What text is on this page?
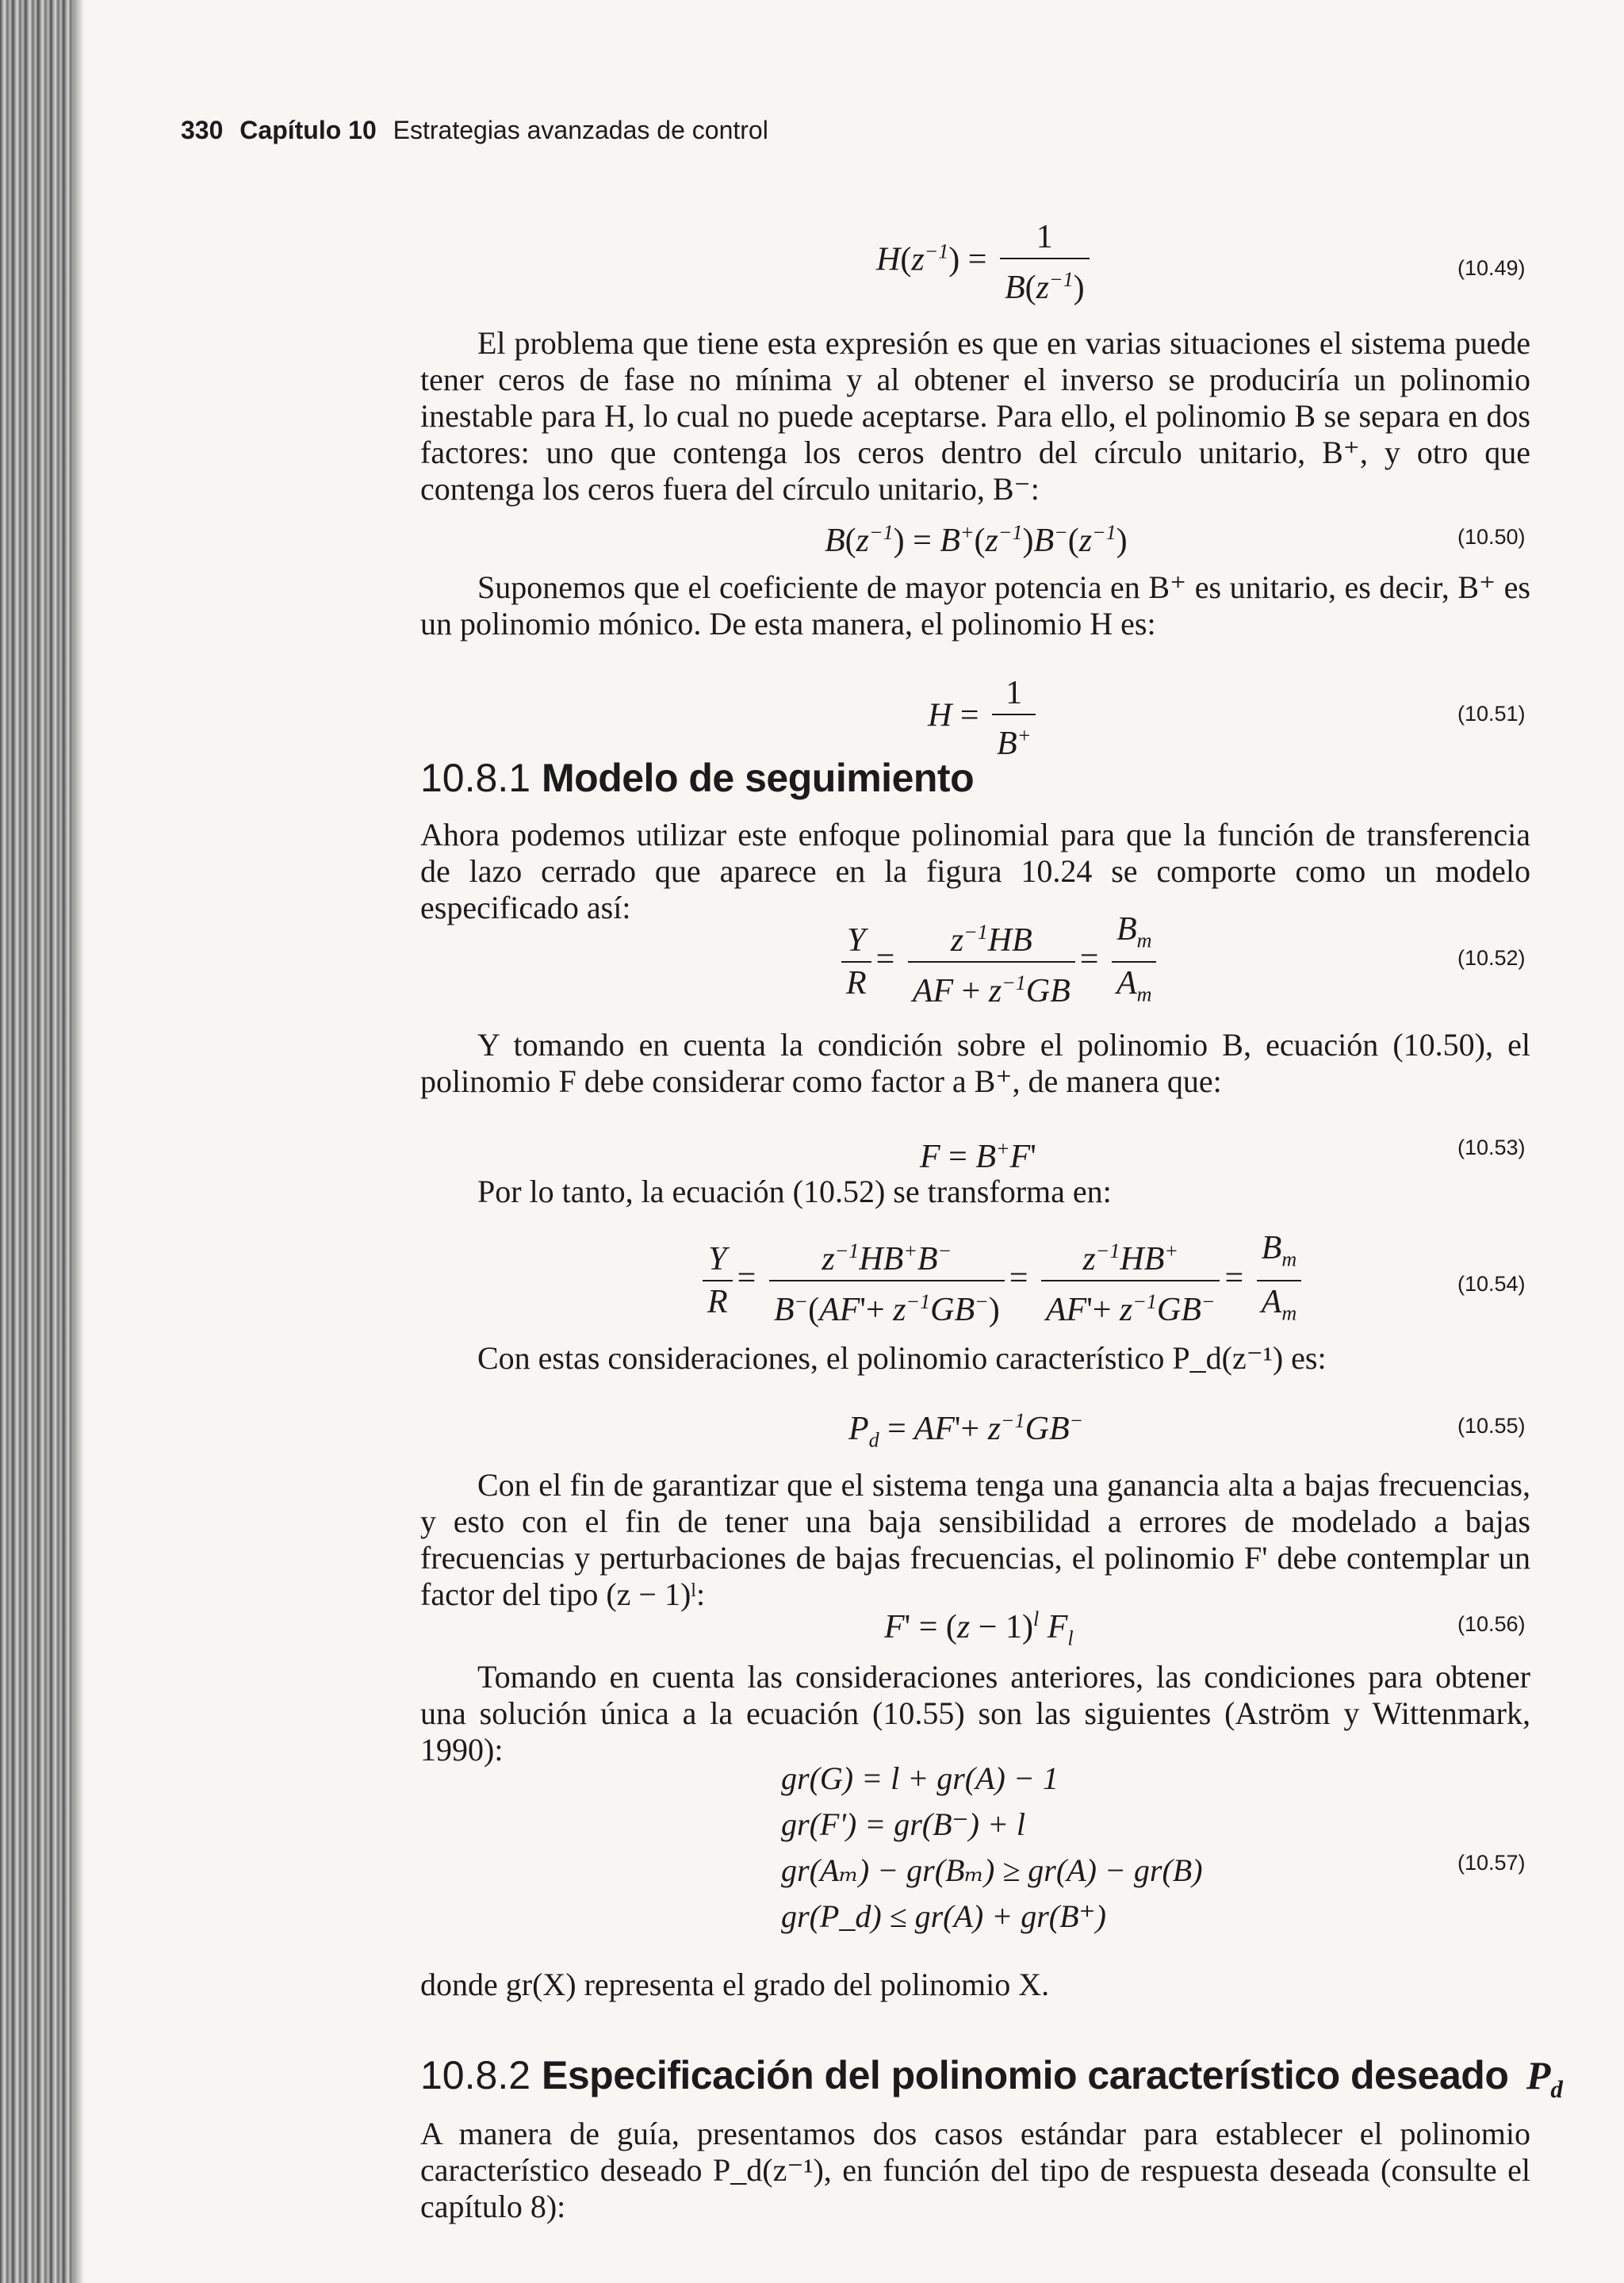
330 Capítulo 10 Estrategias avanzadas de control
$H(z^{-1}) = \frac{1}{B(z^{-1})}$	(10.49)
El problema que tiene esta expresión es que en varias situaciones el sistema puede tener ceros de fase no mínima y al obtener el inverso se produciría un polinomio inestable para H, lo cual no puede aceptarse. Para ello, el polinomio B se separa en dos factores: uno que contenga los ceros dentro del círculo unitario, B⁺, y otro que contenga los ceros fuera del círculo unitario, B⁻:
$B(z^{-1}) = B^+(z^{-1})B^-(z^{-1})$	(10.50)
Suponemos que el coeficiente de mayor potencia en B⁺ es unitario, es decir, B⁺ es un polinomio mónico. De esta manera, el polinomio H es:
$H = \frac{1}{B^+}$	(10.51)
10.8.1 Modelo de seguimiento
Ahora podemos utilizar este enfoque polinomial para que la función de transferencia de lazo cerrado que aparece en la figura 10.24 se comporte como un modelo especificado así:
$\frac{Y}{R} = \frac{z^{-1}HB}{AF + z^{-1}GB} = \frac{B_m}{A_m}$	(10.52)
Y tomando en cuenta la condición sobre el polinomio B, ecuación (10.50), el polinomio F debe considerar como factor a B⁺, de manera que:
F = B+F'	(10.53)
Por lo tanto, la ecuación (10.52) se transforma en:
$\frac{Y}{R} = \frac{z^{-1}HB^+B^-}{B^-(AF'+ z^{-1}GB^-)} = \frac{z^{-1}HB^+}{AF'+ z^{-1}GB^-} = \frac{B_m}{A_m}$	(10.54)
Con estas consideraciones, el polinomio característico P_d(z⁻¹) es:
$P_d = AF'+ z^{-1}GB^-$	(10.55)
Con el fin de garantizar que el sistema tenga una ganancia alta a bajas frecuencias, y esto con el fin de tener una baja sensibilidad a errores de modelado a bajas frecuencias y perturbaciones de bajas frecuencias, el polinomio F' debe contemplar un factor del tipo (z − 1)ˡ:
$F' = (z - 1)^l$ $F_l$
(10.56)
Tomando en cuenta las consideraciones anteriores, las condiciones para obtener una solución única a la ecuación (10.55) son las siguientes (Aström y Wittenmark, 1990):
gr(G) = l + gr(A) − 1
gr(F') = gr(B⁻) + l
gr(Aₘ) − gr(Bₘ) ≥ gr(A) − gr(B)
gr(P_d) ≤ gr(A) + gr(B⁺)
(10.57)
donde gr(X) representa el grado del polinomio X.
10.8.2 Especificación del polinomio característico deseado $P_d$
A manera de guía, presentamos dos casos estándar para establecer el polinomio característico deseado P_d(z⁻¹), en función del tipo de respuesta deseada (consulte el capítulo 8):
